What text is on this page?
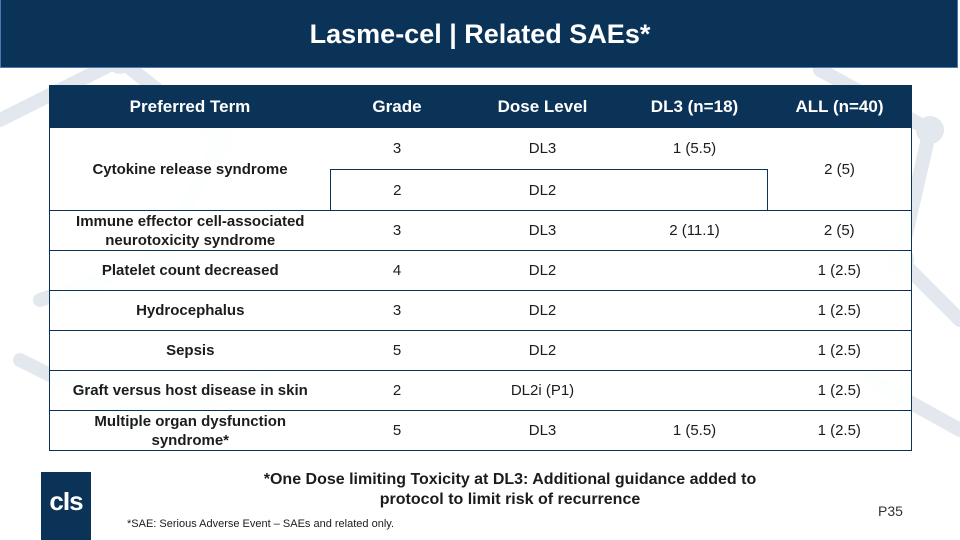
Lasme-cel | Related SAEs*
Preferred Term	Grade	Dose Level	DL3 (n=18)	ALL (n=40)
Cytokine release syndrome	3	DL3	1 (5.5)	2 (5)
	2	DL2		
Immune effector cell-associated neurotoxicity syndrome	3	DL3	2 (11.1)	2 (5)
Platelet count decreased	4	DL2		1 (2.5)
Hydrocephalus	3	DL2		1 (2.5)
Sepsis	5	DL2		1 (2.5)
Graft versus host disease in skin	2	DL2i (P1)		1 (2.5)
Multiple organ dysfunction syndrome*	5	DL3	1 (5.5)	1 (2.5)
cIs
*One Dose limiting Toxicity at DL3: Additional guidance added to protocol to limit risk of recurrence
*SAE: Serious Adverse Event – SAEs and related only.
P35
